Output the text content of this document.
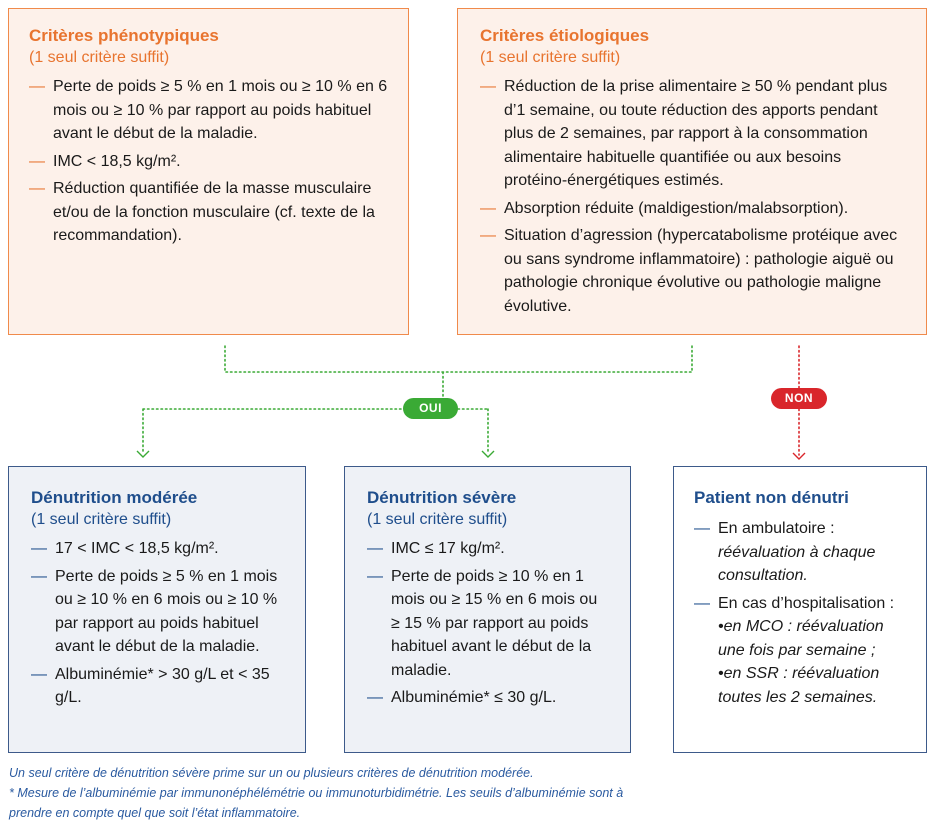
OUI
NON
Critères phénotypiques
(1 seul critère suffit)
— Perte de poids ≥ 5 % en 1 mois ou ≥ 10 % en 6 mois ou ≥ 10 % par rapport au poids habituel avant le début de la maladie.
— IMC < 18,5 kg/m².
— Réduction quantifiée de la masse musculaire et/ou de la fonction musculaire (cf. texte de la recommandation).
Critères étiologiques
(1 seul critère suffit)
— Réduction de la prise alimentaire ≥ 50 % pendant plus d’1 semaine, ou toute réduction des apports pendant plus de 2 semaines, par rapport à la consommation alimentaire habituelle quantifiée ou aux besoins protéino-énergétiques estimés.
— Absorption réduite (maldigestion/malabsorption).
— Situation d’agression (hypercatabolisme protéique avec ou sans syndrome inflammatoire) : pathologie aiguë ou pathologie chronique évolutive ou pathologie maligne évolutive.
Dénutrition modérée
(1 seul critère suffit)
— 17 < IMC < 18,5 kg/m².
— Perte de poids ≥ 5 % en 1 mois ou ≥ 10 % en 6 mois ou ≥ 10 % par rapport au poids habituel avant le début de la maladie.
— Albuminémie* > 30 g/L et < 35 g/L.
Dénutrition sévère
(1 seul critère suffit)
— IMC ≤ 17 kg/m².
— Perte de poids ≥ 10 % en 1 mois ou ≥ 15 % en 6 mois ou ≥ 15 % par rapport au poids habituel avant le début de la maladie.
— Albuminémie* ≤ 30 g/L.
Patient non dénutri
— En ambulatoire :
réévaluation à chaque consultation.
— En cas d’hospitalisation :
•en MCO : réévaluation une fois par semaine ;
•en SSR : réévaluation toutes les 2 semaines.

Un seul critère de dénutrition sévère prime sur un ou plusieurs critères de dénutrition modérée.

* Mesure de l’albuminémie par immunonéphélémétrie ou immunoturbidimétrie. Les seuils d’albuminémie sont à prendre en compte quel que soit l’état inflammatoire.
